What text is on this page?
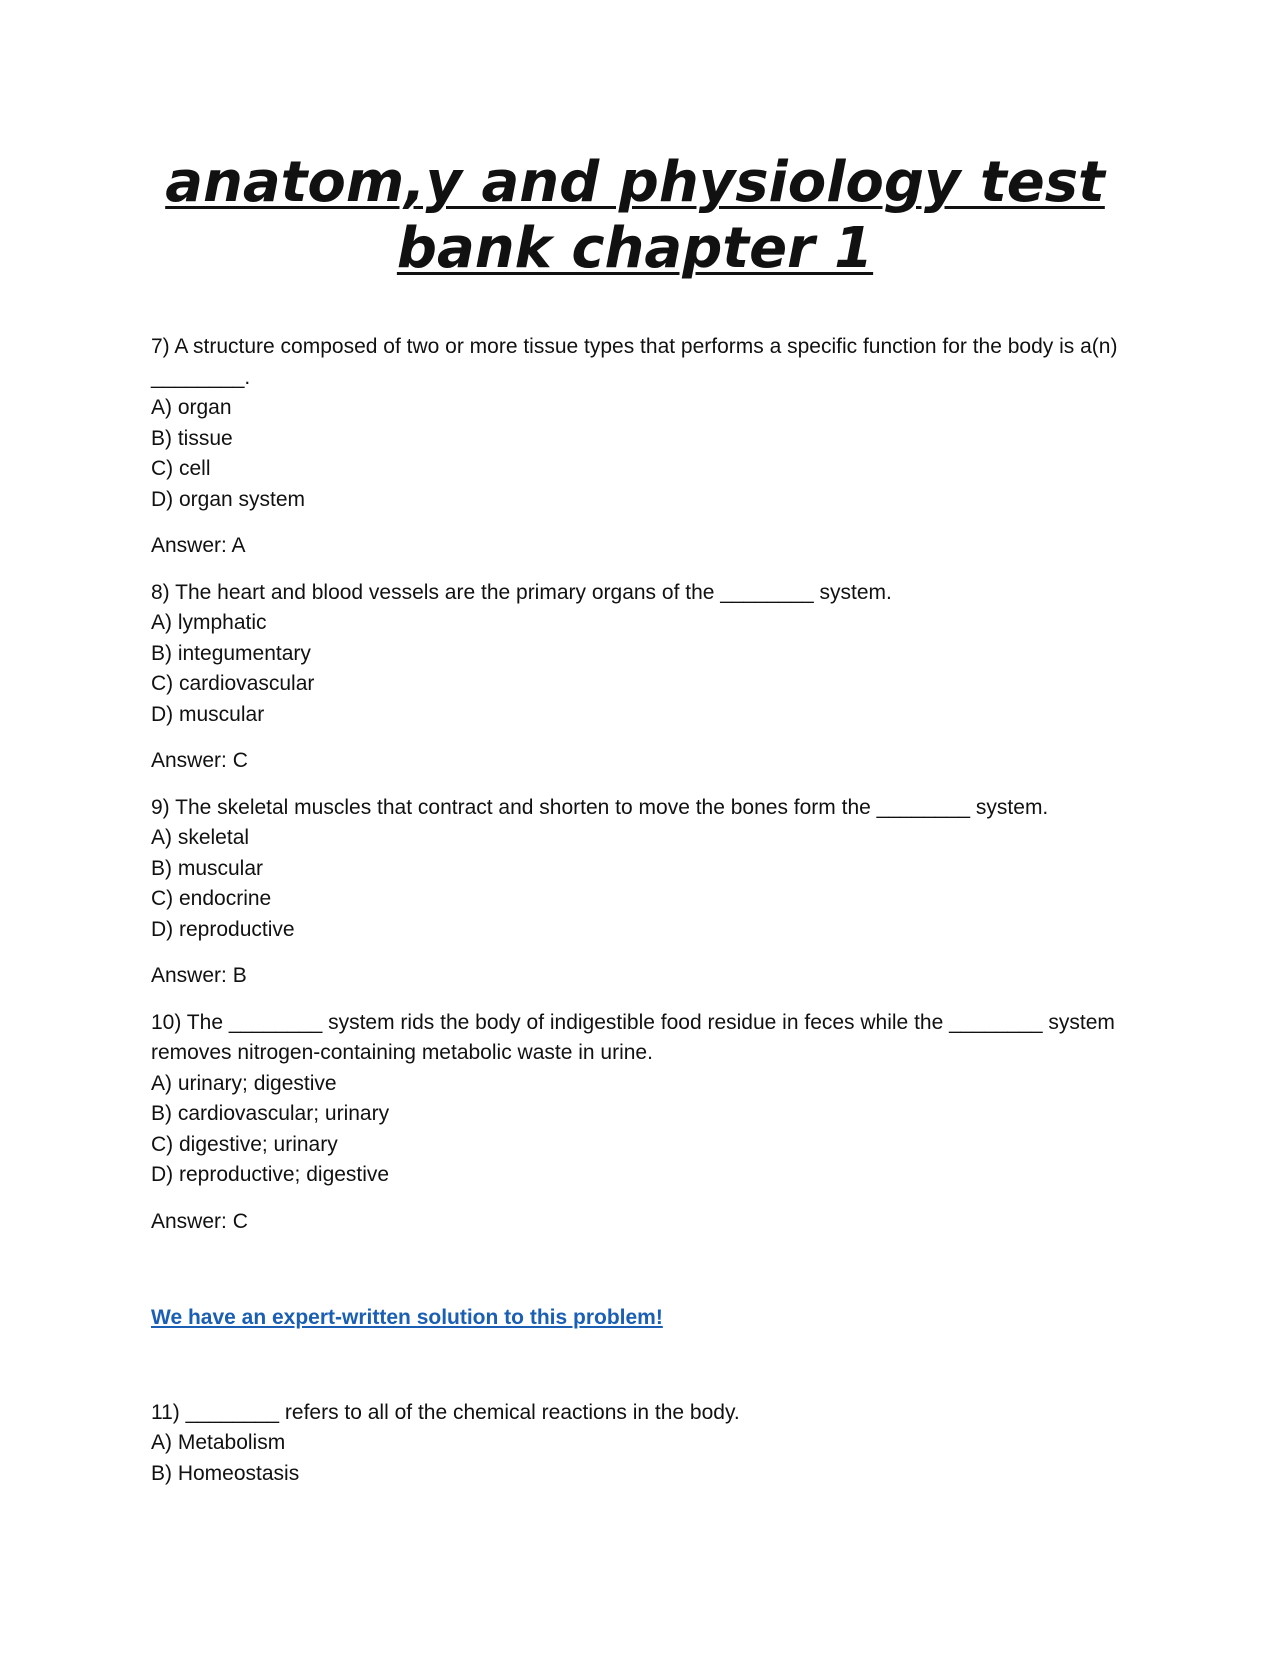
anatom,y and physiology test bank chapter 1
7) A structure composed of two or more tissue types that performs a specific function for the body is a(n) ________.
A) organ
B) tissue
C) cell
D) organ system

Answer: A

8) The heart and blood vessels are the primary organs of the ________ system.
A) lymphatic
B) integumentary
C) cardiovascular
D) muscular

Answer: C

9) The skeletal muscles that contract and shorten to move the bones form the ________ system.
A) skeletal
B) muscular
C) endocrine
D) reproductive

Answer: B

10) The ________ system rids the body of indigestible food residue in feces while the ________ system removes nitrogen-containing metabolic waste in urine.
A) urinary; digestive
B) cardiovascular; urinary
C) digestive; urinary
D) reproductive; digestive

Answer: C

We have an expert-written solution to this problem!
11) ________ refers to all of the chemical reactions in the body.
A) Metabolism
B) Homeostasis
